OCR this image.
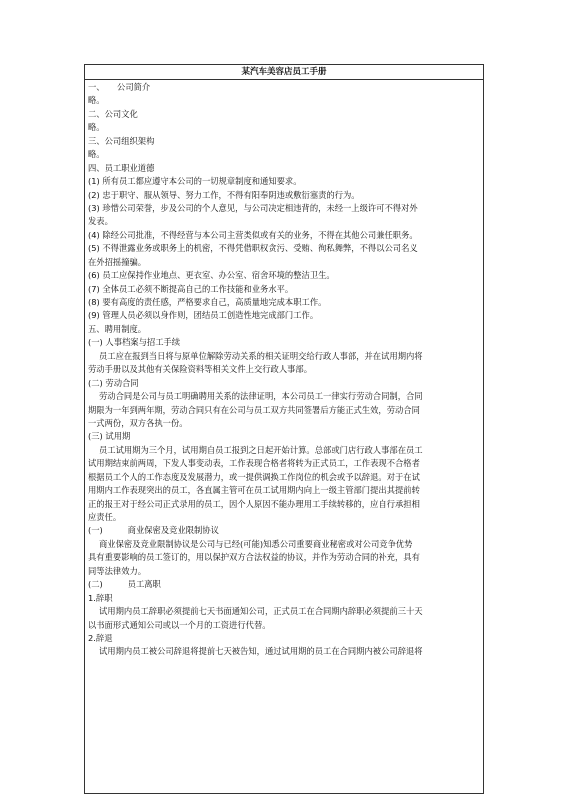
某汽车美容店员工手册
一、　　公司简介
略。
二、公司文化
略。
三、公司组织架构
略。
四、员工职业道德
(1) 所有员工都应遵守本公司的一切规章制度和通知要求。
(2) 忠于职守、服从领导、努力工作，不得有阳奉阴违或敷衍塞责的行为。
(3) 珍惜公司荣誉，步及公司的个人意见，与公司决定相违背的，未经一上级许可不得对外
发表。
(4) 除经公司批准，不得经营与本公司主营类似或有关的业务，不得在其他公司兼任职务。
(5) 不得泄露业务或职务上的机密，不得凭借职权贪污、受贿、徇私舞弊，不得以公司名义
在外招摇撞骗。
(6) 员工应保持作业地点、更衣室、办公室、宿舍环境的整洁卫生。
(7) 全体员工必须不断提高自己的工作技能和业务水平。
(8) 要有高度的责任感，严格要求自己，高质量地完成本职工作。
(9) 管理人员必须以身作则，团结员工创造性地完成部门工作。
五、聘用制度。
(一) 人事档案与招工手续
员工应在报到当日将与原单位解除劳动关系的相关证明交给行政人事部，并在试用期内将
劳动手册以及其他有关保险资料等相关文件上交行政人事部。
(二) 劳动合同
劳动合同是公司与员工明确聘用关系的法律证明，本公司员工一律实行劳动合同制，合同
期限为一年到两年期，劳动合同只有在公司与员工双方共同签署后方能正式生效，劳动合同
一式两份，双方各执一份。
(三) 试用期
员工试用期为三个月，试用期自员工报到之日起开始计算。总部或门店行政人事部在员工
试用期结束前两周，下发人事变动表，工作表现合格者将转为正式员工，工作表现不合格者
根据员工个人的工作态度及发展潜力，或一提供调换工作岗位的机会或予以辞退。对于在试
用期内工作表现突出的员工，各直属主管可在员工试用期内向上一级主管部门提出其提前转
正的报王对于经公司正式录用的员工，因个人原因不能办理用工手续转移的，应自行承担相
应责任。
(一)　　　商业保密及竞业限制协议
商业保密及竞业限制协议是公司与已经(可能)知悉公司重要商业秘密或对公司竞争优势
具有重要影响的员工签订的，用以保护双方合法权益的协议，并作为劳动合同的补充，具有
同等法律效力。
(二)　　　员工离职
1.辞职
试用期内员工辞职必须提前七天书面通知公司，正式员工在合同期内辞职必须提前三十天
以书面形式通知公司或以一个月的工资进行代替。
2.辞退
试用期内员工被公司辞退将提前七天被告知，通过试用期的员工在合同期内被公司辞退将
